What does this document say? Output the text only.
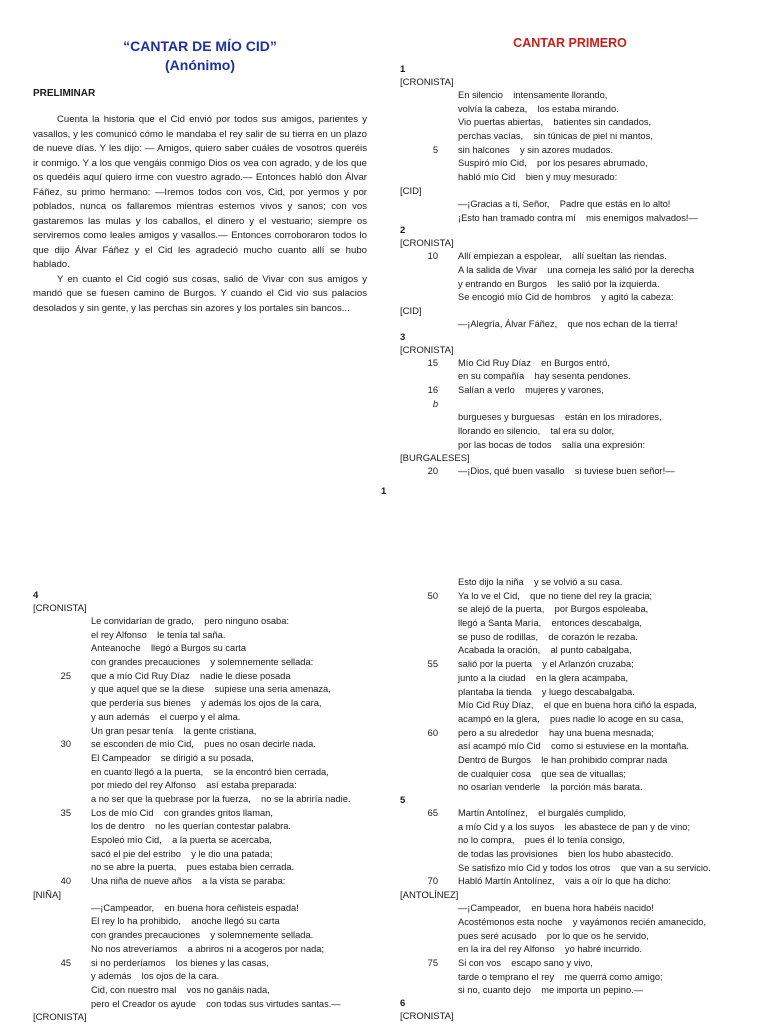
“CANTAR DE MÍO CID”
(Anónimo)
PRELIMINAR

Cuenta la historia que el Cid envió por todos sus amigos, parientes y vasallos, y les comunicó cómo le mandaba el rey salir de su tierra en un plazo de nueve días. Y les dijo: — Amigos, quiero saber cuáles de vosotros queréis ir conmigo. Y a los que vengáis conmigo Dios os vea con agrado, y de los que os quedéis aquí quiero irme con vuestro agrado.— Entonces habló don Álvar Fáñez, su primo hermano: —Iremos todos con vos, Cid, por yermos y por poblados, nunca os fallaremos mientras estemos vivos y sanos; con vos gastaremos las mulas y los caballos, el dinero y el vestuario; siempre os serviremos como leales amigos y vasallos.— Entonces corroboraron todos lo que dijo Álvar Fáñez y el Cid les agradeció mucho cuanto allí se hubo hablado.

Y en cuanto el Cid cogió sus cosas, salió de Vivar con sus amigos y mandó que se fuesen camino de Burgos. Y cuando el Cid vio sus palacios desolados y sin gente, y las perchas sin azores y los portales sin bancos...

CANTAR PRIMERO
1
[CRONISTA]
En silencio    intensamente llorando,
volvía la cabeza,    los estaba mirando.
Vio puertas abiertas,    batientes sin candados,
perchas vacías,    sin túnicas de piel ni mantos,
5 sin halcones    y sin azores mudados.
Suspiró mío Cid,    por los pesares abrumado,
habló mío Cid    bien y muy mesurado:
[CID]
—¡Gracias a ti, Señor,    Padre que estás en lo alto!
¡Esto han tramado contra mí    mis enemigos malvados!—
2
[CRONISTA]
10 Allí empiezan a espolear,    allí sueltan las riendas.
A la salida de Vivar    una corneja les salió por la derecha
y entrando en Burgos    les salió por la izquierda.
Se encogió mío Cid de hombros    y agitó la cabeza:
[CID]
—¡Alegría, Álvar Fáñez,    que nos echan de la tierra!
3
[CRONISTA]
15 Mío Cid Ruy Díaz    en Burgos entró,
en su compañía    hay sesenta pendones.
16 Salían a verlo    mujeres y varones,
b
burgueses y burguesas    están en los miradores,
llorando en silencio,    tal era su dolor,
por las bocas de todos    salía una expresión:
[BURGALESES]
20 —¡Dios, qué buen vasallo    si tuviese buen señor!—
1
4
[CRONISTA]
Le convidarían de grado,    pero ninguno osaba:
el rey Alfonso    le tenía tal saña.
Anteanoche    llegó a Burgos su carta
con grandes precauciones    y solemnemente sellada:
25 que a mío Cid Ruy Díaz    nadie le diese posada
y que aquel que se la diese    supiese una seria amenaza,
que perdería sus bienes    y además los ojos de la cara,
y aun además    el cuerpo y el alma.
Un gran pesar tenía    la gente cristiana,
30 se esconden de mío Cid,    pues no osan decirle nada.
El Campeador    se dirigió a su posada,
en cuanto llegó a la puerta,    se la encontró bien cerrada,
por miedo del rey Alfonso    así estaba preparada:
a no ser que la quebrase por la fuerza,    no se la abriría nadie.
35 Los de mío Cid    con grandes gritos llaman,
los de dentro    no les querían contestar palabra.
Espoleó mío Cid,    a la puerta se acercaba,
sacó el pie del estribo    y le dio una patada;
no se abre la puerta,    pues estaba bien cerrada.
40 Una niña de nueve años    a la vista se paraba:
[NIÑA]
—¡Campeador,    en buena hora ceñisteis espada!
El rey lo ha prohibido,    anoche llegó su carta
con grandes precauciones    y solemnemente sellada.
No nos atreveríamos    a abriros ni a acogeros por nada;
45 si no perderíamos    los bienes y las casas,
y además    los ojos de la cara.
Cid, con nuestro mal    vos no ganáis nada,
pero el Creador os ayude    con todas sus virtudes santas.—
[CRONISTA]
Esto dijo la niña    y se volvió a su casa.
50 Ya lo ve el Cid,    que no tiene del rey la gracia;
se alejó de la puerta,    por Burgos espoleaba,
llegó a Santa María,    entonces descabalga,
se puso de rodillas,    de corazón le rezaba.
Acabada la oración,    al punto cabalgaba,
55 salió por la puerta    y el Arlanzón cruzaba;
junto a la ciudad    en la glera acampaba,
plantaba la tienda    y luego descabalgaba.
Mío Cid Ruy Díaz,    el que en buena hora ciñó la espada,
acampó en la glera,    pues nadie lo acoge en su casa,
60 pero a su alrededor    hay una buena mesnada;
así acampó mío Cid    como si estuviese en la montaña.
Dentro de Burgos    le han prohibido comprar nada
de cualquier cosa    que sea de vituallas;
no osarían venderle    la porción más barata.
5
65 Martín Antolínez,    el burgalés cumplido,
a mío Cid y a los suyos    les abastece de pan y de vino;
no lo compra,    pues él lo tenía consigo,
de todas las provisiones    bien los hubo abastecido.
Se satisfizo mío Cid y todos los otros    que van a su servicio.
70 Habló Martín Antolínez,    vais a oír lo que ha dicho:
[ANTOLÍNEZ]
—¡Campeador,    en buena hora habéis nacido!
Acostémonos esta noche    y vayámonos recién amanecido,
pues seré acusado    por lo que os he servido,
en la ira del rey Alfonso    yo habré incurrido.
75 Si con vos    escapo sano y vivo,
tarde o temprano el rey    me querrá como amigo;
si no, cuanto dejo    me importa un pepino.—
6
[CRONISTA]
